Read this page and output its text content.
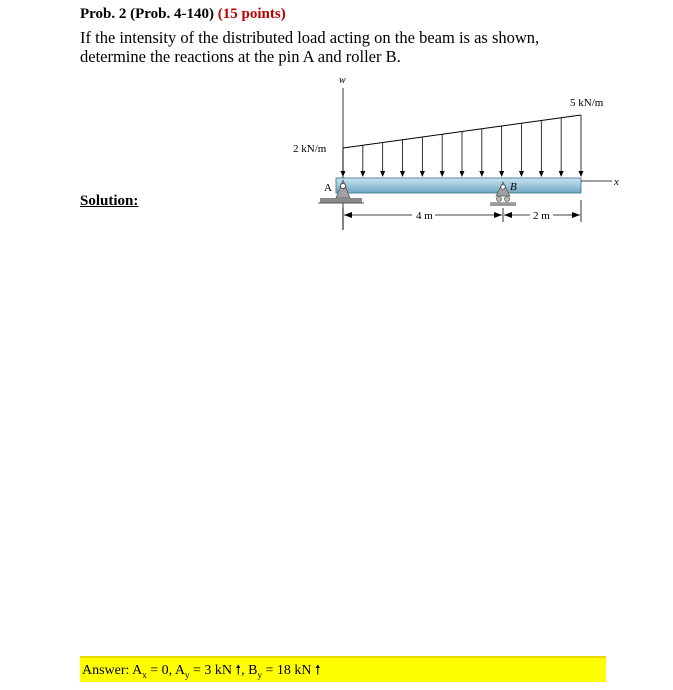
Prob. 2 (Prob. 4-140) (15 points)
If the intensity of the distributed load acting on the beam is as shown,
determine the reactions at the pin A and roller B.
Solution:
w
2 kN/m
5 kN/m
x
A	B
4 m	2 m
Answer: $A_x = 0$, $A_y = 3$ kN 🠕, $B_y = 18$ kN 🠕
